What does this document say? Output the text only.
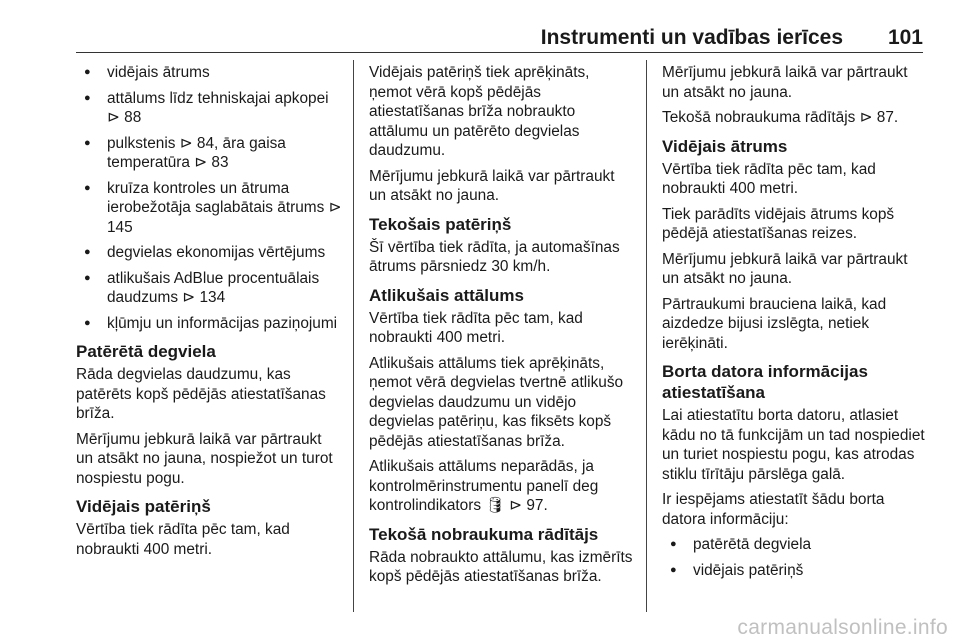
Instrumenti un vadības ierīces 101
● vidējais ātrums
● attālums līdz tehniskajai apkopei ⊳ 88
● pulkstenis ⊳ 84, āra gaisa temperatūra ⊳ 83
● kruīza kontroles un ātruma ierobežotāja saglabātais ātrums ⊳ 145
● degvielas ekonomijas vērtējums
● atlikušais AdBlue procentuālais daudzums ⊳ 134
● kļūmju un informācijas paziņojumi
Patērētā degviela

Rāda degvielas daudzumu, kas patērēts kopš pēdējās atiestatīšanas brīža.

Mērījumu jebkurā laikā var pārtraukt un atsākt no jauna, nospiežot un turot nospiestu pogu.

Vidējais patēriņš

Vērtība tiek rādīta pēc tam, kad nobraukti 400 metri.

Vidējais patēriņš tiek aprēķināts, ņemot vērā kopš pēdējās atiestatīšanas brīža nobraukto attālumu un patērēto degvielas daudzumu.

Mērījumu jebkurā laikā var pārtraukt un atsākt no jauna.

Tekošais patēriņš

Šī vērtība tiek rādīta, ja automašīnas ātrums pārsniedz 30 km/h.

Atlikušais attālums

Vērtība tiek rādīta pēc tam, kad nobraukti 400 metri.

Atlikušais attālums tiek aprēķināts, ņemot vērā degvielas tvertnē atlikušo degvielas daudzumu un vidējo degvielas patēriņu, kas fiksēts kopš pēdējās atiestatīšanas brīža.

Atlikušais attālums neparādās, ja kontrolmērinstrumentu panelī deg kontrolindikators 🛢 ⊳ 97.

Tekošā nobraukuma rādītājs

Rāda nobraukto attālumu, kas izmērīts kopš pēdējās atiestatīšanas brīža.

Mērījumu jebkurā laikā var pārtraukt un atsākt no jauna.

Tekošā nobraukuma rādītājs ⊳ 87.

Vidējais ātrums

Vērtība tiek rādīta pēc tam, kad nobraukti 400 metri.

Tiek parādīts vidējais ātrums kopš pēdējā atiestatīšanas reizes.

Mērījumu jebkurā laikā var pārtraukt un atsākt no jauna.

Pārtraukumi brauciena laikā, kad aizdedze bijusi izslēgta, netiek ierēķināti.

Borta datora informācijas atiestatīšana

Lai atiestatītu borta datoru, atlasiet kādu no tā funkcijām un tad nospiediet un turiet nospiestu pogu, kas atrodas stiklu tīrītāju pārslēga galā.

Ir iespējams atiestatīt šādu borta datora informāciju:

● patērētā degviela
● vidējais patēriņš
carmanualsonline.info
